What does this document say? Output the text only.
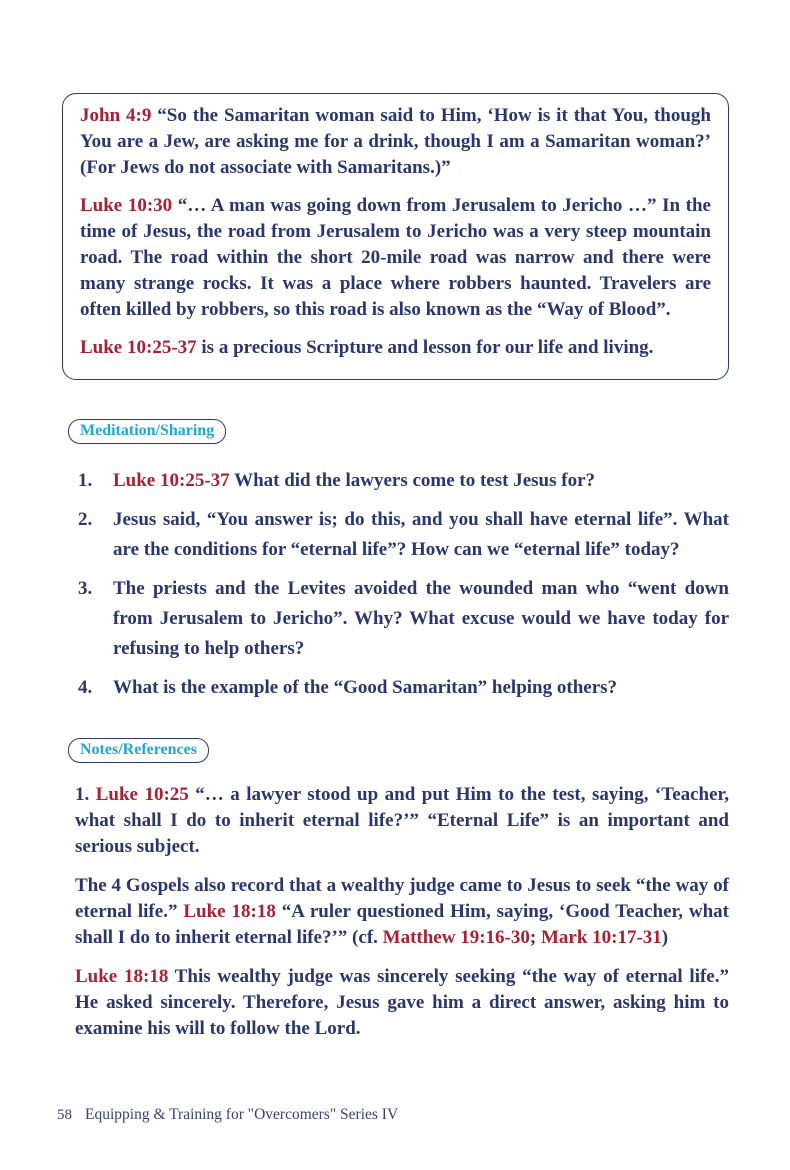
John 4:9 “So the Samaritan woman said to Him, ‘How is it that You, though You are a Jew, are asking me for a drink, though I am a Samaritan woman?’ (For Jews do not associate with Samaritans.)”

Luke 10:30 “… A man was going down from Jerusalem to Jericho …” In the time of Jesus, the road from Jerusalem to Jericho was a very steep mountain road. The road within the short 20-mile road was narrow and there were many strange rocks. It was a place where robbers haunted. Travelers are often killed by robbers, so this road is also known as the “Way of Blood”.

Luke 10:25-37 is a precious Scripture and lesson for our life and living.

Meditation/Sharing
1.	Luke 10:25-37 What did the lawyers come to test Jesus for?
2.	Jesus said, “You answer is; do this, and you shall have eternal life”. What are the conditions for “eternal life”? How can we “eternal life” today?
3.	The priests and the Levites avoided the wounded man who “went down from Jerusalem to Jericho”. Why? What excuse would we have today for refusing to help others?
4.	What is the example of the “Good Samaritan” helping others?
Notes/References

1. Luke 10:25 “… a lawyer stood up and put Him to the test, saying, ‘Teacher, what shall I do to inherit eternal life?’” “Eternal Life” is an important and serious subject.

The 4 Gospels also record that a wealthy judge came to Jesus to seek “the way of eternal life.” Luke 18:18 “A ruler questioned Him, saying, ‘Good Teacher, what shall I do to inherit eternal life?’” (cf. Matthew 19:16-30; Mark 10:17-31)

Luke 18:18 This wealthy judge was sincerely seeking “the way of eternal life.” He asked sincerely. Therefore, Jesus gave him a direct answer, asking him to examine his will to follow the Lord.

58 Equipping & Training for "Overcomers" Series IV
